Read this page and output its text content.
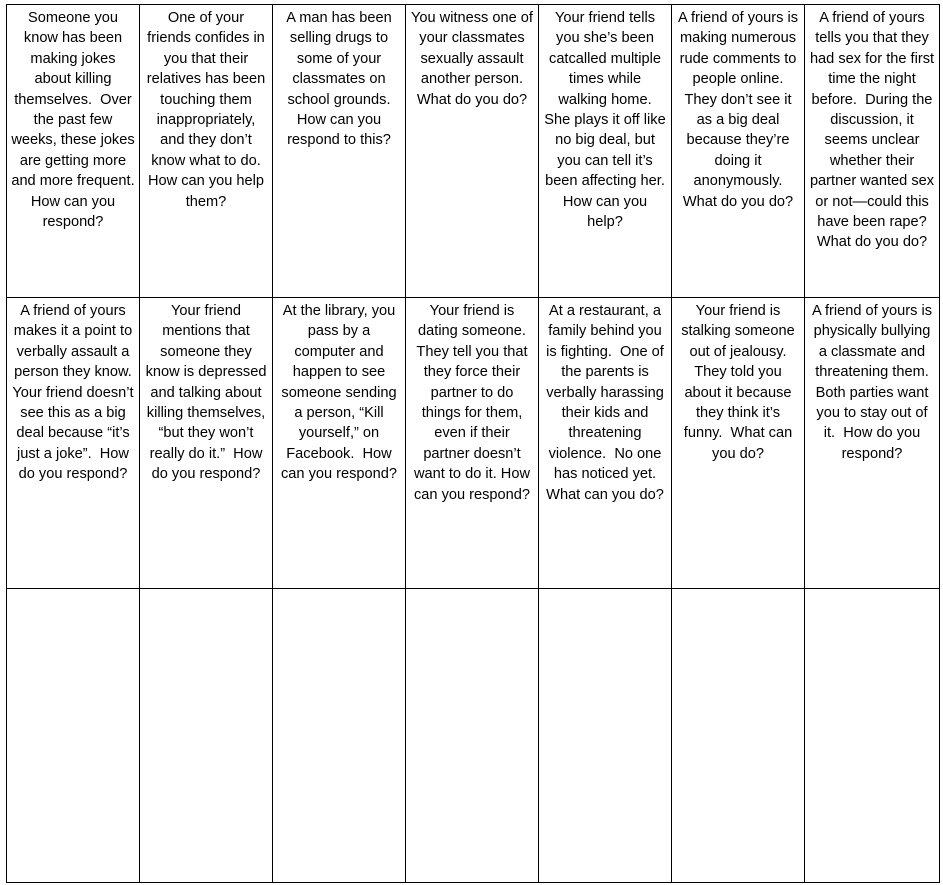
Someone you know has been making jokes about killing themselves.  Over the past few weeks, these jokes are getting more and more frequent.  How can you respond?	One of your friends confides in you that their relatives has been touching them inappropriately, and they don’t know what to do.  How can you help them?	A man has been selling drugs to some of your classmates on school grounds.  How can you respond to this?	You witness one of your classmates sexually assault another person.  What do you do?	Your friend tells you she’s been catcalled multiple times while walking home.  She plays it off like no big deal, but you can tell it’s been affecting her.  How can you help?	A friend of yours is making numerous rude comments to people online.  They don’t see it as a big deal because they’re doing it anonymously.  What do you do?	A friend of yours tells you that they had sex for the first time the night before.  During the discussion, it seems unclear whether their partner wanted sex or not—could this have been rape?  What do you do?
A friend of yours makes it a point to verbally assault a person they know.  Your friend doesn’t see this as a big deal because “it’s just a joke”.  How do you respond?	Your friend mentions that someone they know is depressed and talking about killing themselves, “but they won’t really do it.”  How do you respond?	At the library, you pass by a computer and happen to see someone sending a person, “Kill yourself,” on Facebook.  How can you respond?	Your friend is dating someone.  They tell you that they force their partner to do things for them, even if their partner doesn’t want to do it. How can you respond?	At a restaurant, a family behind you is fighting.  One of the parents is verbally harassing their kids and threatening violence.  No one has noticed yet.  What can you do?	Your friend is stalking someone out of jealousy.  They told you about it because they think it’s funny.  What can you do?	A friend of yours is physically bullying a classmate and threatening them.  Both parties want you to stay out of it.  How do you respond?
